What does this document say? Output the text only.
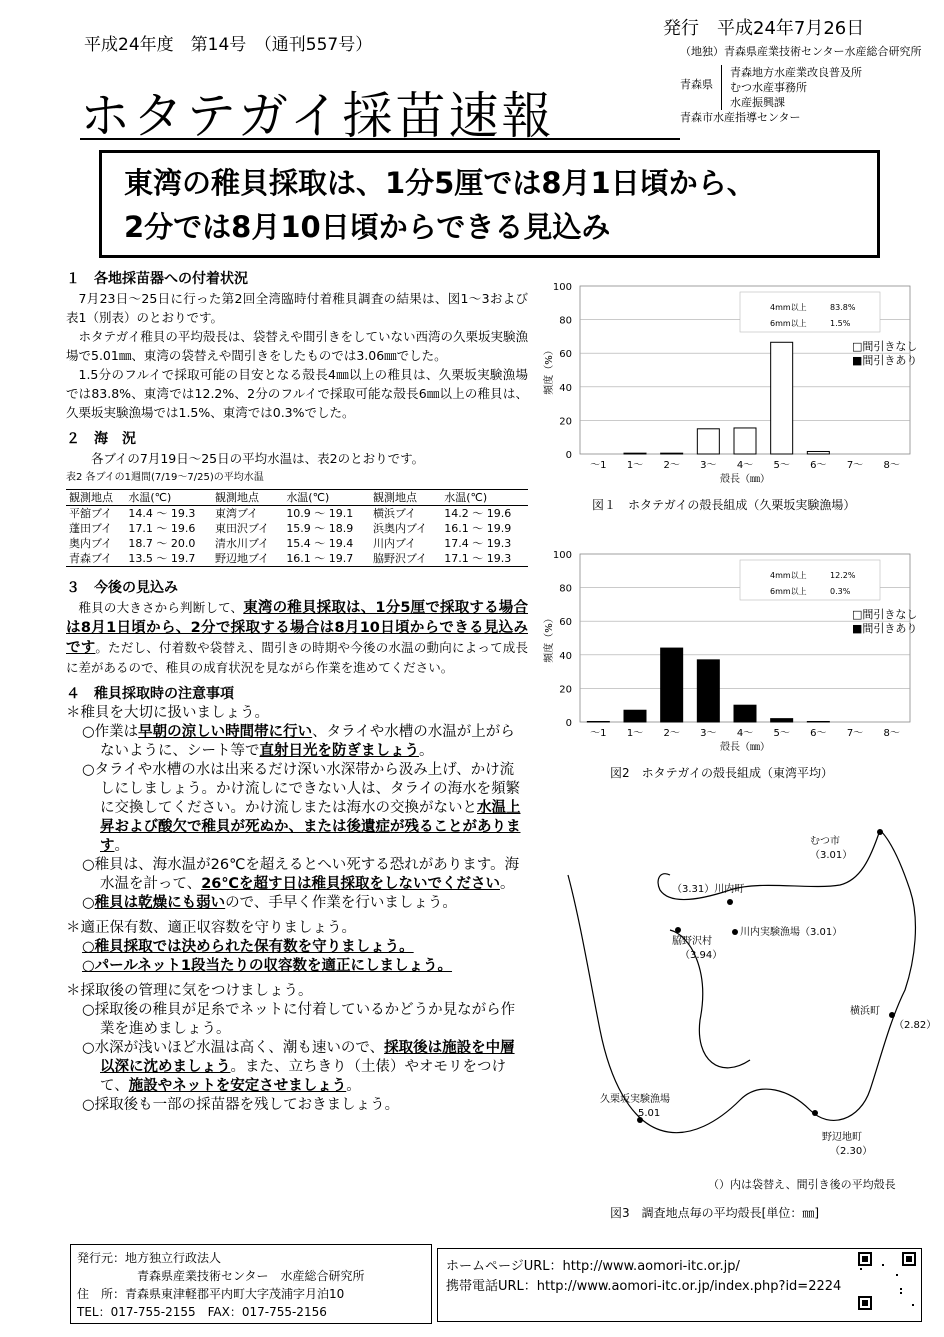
平成24年度　第14号　（通刊557号）
発行　平成24年7月26日
ホタテガイ採苗速報
（地独）青森県産業技術センター水産総合研究所
青森県
青森地方水産業改良普及所
むつ水産事務所
水産振興課
青森市水産指導センター
東湾の稚貝採取は、1分5厘では8月1日頃から、
2分では8月10日頃からできる見込み
１　各地採苗器への付着状況
7月23日～25日に行った第2回全湾臨時付着稚貝調査の結果は、図1～3および表1（別表）のとおりです。
ホタテガイ稚貝の平均殻長は、袋替えや間引きをしていない西湾の久栗坂実験漁場で5.01㎜、東湾の袋替えや間引きをしたものでは3.06㎜でした。
1.5分のフルイで採取可能の目安となる殻長4㎜以上の稚貝は、久栗坂実験漁場では83.8%、東湾では12.2%、2分のフルイで採取可能な殻長6㎜以上の稚貝は、久栗坂実験漁場では1.5%、東湾では0.3%でした。
２　海　況
各ブイの7月19日～25日の平均水温は、表2のとおりです。
表2 各ブイの1週間(7/19～7/25)の平均水温
観測地点	水温(℃)	観測地点	水温(℃)	観測地点	水温(℃)
平舘ブイ	14.4 ～ 19.3	東湾ブイ	10.9 ～ 19.1	横浜ブイ	14.2 ～ 19.6
蓬田ブイ	17.1 ～ 19.6	東田沢ブイ	15.9 ～ 18.9	浜奥内ブイ	16.1 ～ 19.9
奥内ブイ	18.7 ～ 20.0	清水川ブイ	15.4 ～ 19.4	川内ブイ	17.4 ～ 19.3
青森ブイ	13.5 ～ 19.7	野辺地ブイ	16.1 ～ 19.7	脇野沢ブイ	17.1 ～ 19.3
３　今後の見込み
稚貝の大きさから判断して、東湾の稚貝採取は、1分5厘で採取する場合は8月1日頃から、2分で採取する場合は8月10日頃からできる見込みです。ただし、付着数や袋替え、間引きの時期や今後の水温の動向によって成長に差があるので、稚貝の成育状況を見ながら作業を進めてください。
４　稚貝採取時の注意事項
＊稚貝を大切に扱いましょう。
○作業は早朝の涼しい時間帯に行い、タライや水槽の水温が上がらないように、シート等で直射日光を防ぎましょう。
○タライや水槽の水は出来るだけ深い水深帯から汲み上げ、かけ流しにしましょう。かけ流しにできない人は、タライの海水を頻繁に交換してください。かけ流しまたは海水の交換がないと水温上昇および酸欠で稚貝が死ぬか、または後遺症が残ることがあります。
○稚貝は、海水温が26℃を超えるとへい死する恐れがあります。海水温を計って、26℃を超す日は稚貝採取をしないでください。
○稚貝は乾燥にも弱いので、手早く作業を行いましょう。
＊適正保有数、適正収容数を守りましょう。
○稚貝採取では決められた保有数を守りましょう。
○パールネット1段当たりの収容数を適正にしましょう。
＊採取後の管理に気をつけましょう。
○採取後の稚貝が足糸でネットに付着しているかどうか見ながら作業を進めましょう。
○水深が浅いほど水温は高く、潮も速いので、採取後は施設を中層以深に沈めましょう。また、立ちきり（土俵）やオモリをつけて、施設やネットを安定させましょう。
○採取後も一部の採苗器を残しておきましょう。
0
20
40
60
80
100
～1 1～ 2～ 3～ 4～ 5～ 6～ 7～ 8～
殻長（㎜）
頻度（%）
4mm以上	83.8%
6mm以上	1.5%
□間引きなし
■間引きあり
図１　ホタテガイの殻長組成（久栗坂実験漁場）
0
20
40
60
80
100
～1 1～ 2～ 3～ 4～ 5～ 6～ 7～ 8～
殻長（㎜）
頻度（%）
4mm以上	12.2%
6mm以上	0.3%
□間引きなし
■間引きあり
図2　ホタテガイの殻長組成（東湾平均）
むつ市
（3.01）
（3.31）川内町
川内実験漁場（3.01）
脇野沢村
（3.94）
横浜町
（2.82）
久栗坂実験漁場
5.01
野辺地町
（2.30）
（）内は袋替え、間引き後の平均殻長
図3　調査地点毎の平均殻長[単位：㎜]
発行元：地方独立行政法人
　　　　　青森県産業技術センター　水産総合研究所
住　所：青森県東津軽郡平内町大字茂浦字月泊10
TEL：017-755-2155　FAX：017-755-2156
ホームページURL：http://www.aomori-itc.or.jp/
携帯電話URL：http://www.aomori-itc.or.jp/index.php?id=2224
